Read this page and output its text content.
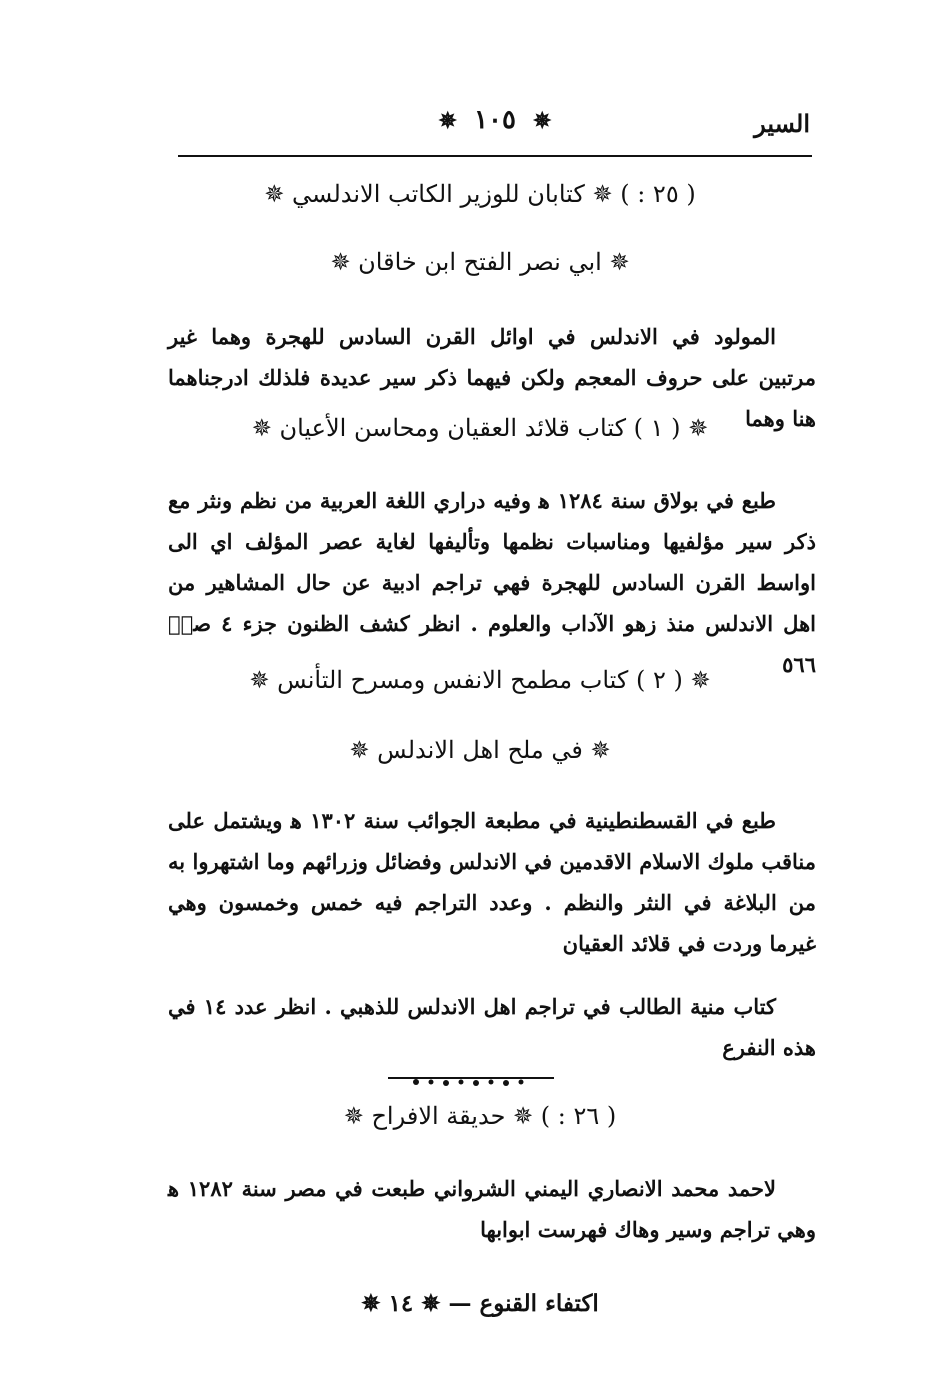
السير
✵ ١٠٥ ✵
( ٢٥ : ) ✵ كتابان للوزير الكاتب الاندلسي ✵
✵ ابي نصر الفتح ابن خاقان ✵
المولود في الاندلس في اوائل القرن السادس للهجرة وهما غير مرتبين على حروف المعجم ولكن فيهما ذكر سير عديدة فلذلك ادرجناهما هنا وهما
✵ ( ١ ) كتاب قلائد العقيان ومحاسن الأعيان ✵
طبع في بولاق سنة ١٢٨٤ ﻫ وفيه دراري اللغة العربية من نظم ونثر مع ذكر سير مؤلفيها ومناسبات نظمها وتأليفها لغاية عصر المؤلف اي الى اواسط القرن السادس للهجرة فهي تراجم ادبية عن حال المشاهير من اهل الاندلس منذ زهو الآداب والعلوم . انظر كشف الظنون جزء ٤ صحٖ ٥٦٦
✵ ( ٢ ) كتاب مطمح الانفس ومسرح التأنس ✵
✵ في ملح اهل الاندلس ✵
طبع في القسطنطينية في مطبعة الجوائب سنة ١٣٠٢ ﻫ ويشتمل على مناقب ملوك الاسلام الاقدمين في الاندلس وفضائل وزرائهم وما اشتهروا به من البلاغة في النثر والنظم . وعدد التراجم فيه خمس وخمسون وهي غيرما وردت في قلائد العقيان
كتاب منية الطالب في تراجم اهل الاندلس للذهبي . انظر عدد ١٤ في هذه النفرع
( ٢٦ : ) ✵ حديقة الافراح ✵
لاحمد محمد الانصاري اليمني الشرواني طبعت في مصر سنة ١٢٨٢ ﻫ وهي تراجم وسير وهاك فهرست ابوابها
اكتفاء القنوع — ✵ ١٤ ✵
